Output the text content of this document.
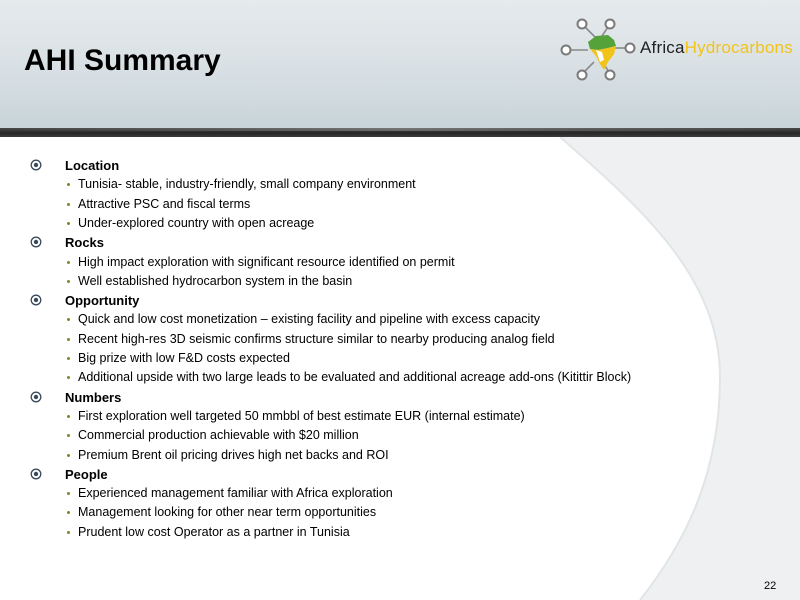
AHI Summary	AfricaHydrocarbons
Location
Tunisia- stable, industry-friendly, small company environment
Attractive PSC and fiscal terms
Under-explored country with open acreage
Rocks
High impact exploration with significant resource identified on permit
Well established hydrocarbon system in the basin
Opportunity
Quick and low cost monetization – existing facility and pipeline with excess capacity
Recent high-res 3D seismic confirms structure similar to nearby producing analog field
Big prize with low F&D costs expected
Additional upside with two large leads to be evaluated and additional acreage add-ons (Kitittir Block)
Numbers
First exploration well targeted 50 mmbbl of best estimate EUR (internal estimate)
Commercial production achievable with $20 million
Premium Brent oil pricing drives high net backs and ROI
People
Experienced management familiar with Africa exploration
Management looking for other near term opportunities
Prudent low cost Operator as a partner in Tunisia
22
